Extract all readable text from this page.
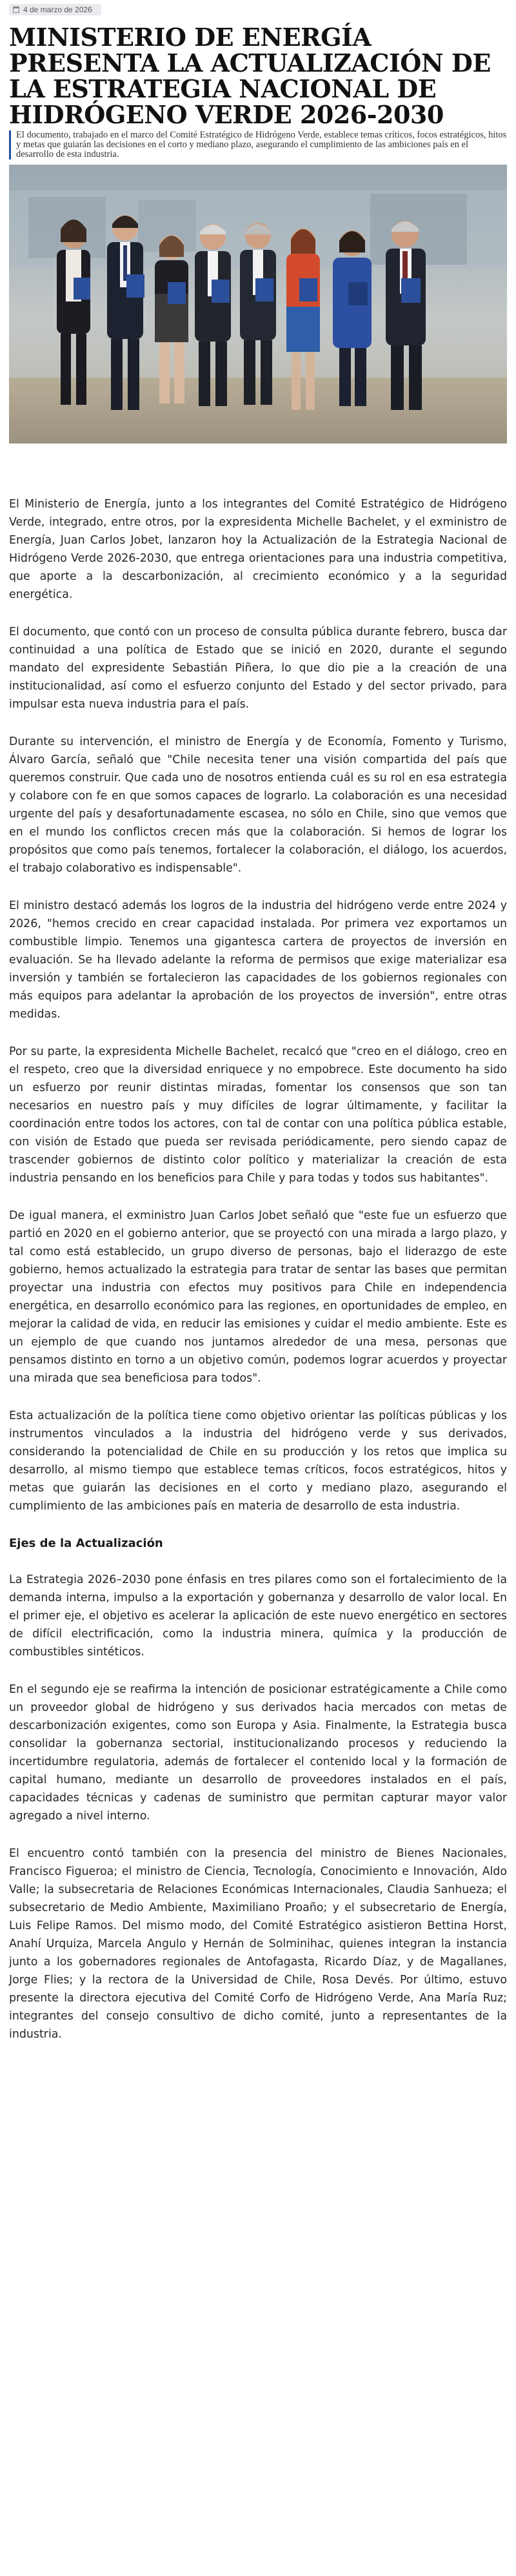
4 de marzo de 2026
MINISTERIO DE ENERGÍA PRESENTA LA ACTUALIZACIÓN DE LA ESTRATEGIA NACIONAL DE HIDRÓGENO VERDE 2026-2030
El documento, trabajado en el marco del Comité Estratégico de Hidrógeno Verde, establece temas críticos, focos estratégicos, hitos y metas que guiarán las decisiones en el corto y mediano plazo, asegurando el cumplimiento de las ambiciones país en el desarrollo de esta industria.

El Ministerio de Energía, junto a los integrantes del Comité Estratégico de Hidrógeno Verde, integrado, entre otros, por la expresidenta Michelle Bachelet, y el exministro de Energía, Juan Carlos Jobet, lanzaron hoy la Actualización de la Estrategia Nacional de Hidrógeno Verde 2026-2030, que entrega orientaciones para una industria competitiva, que aporte a la descarbonización, al crecimiento económico y a la seguridad energética.

El documento, que contó con un proceso de consulta pública durante febrero, busca dar continuidad a una política de Estado que se inició en 2020, durante el segundo mandato del expresidente Sebastián Piñera, lo que dio pie a la creación de una institucionalidad, así como el esfuerzo conjunto del Estado y del sector privado, para impulsar esta nueva industria para el país.

Durante su intervención, el ministro de Energía y de Economía, Fomento y Turismo, Álvaro García, señaló que "Chile necesita tener una visión compartida del país que queremos construir. Que cada uno de nosotros entienda cuál es su rol en esa estrategia y colabore con fe en que somos capaces de lograrlo. La colaboración es una necesidad urgente del país y desafortunadamente escasea, no sólo en Chile, sino que vemos que en el mundo los conflictos crecen más que la colaboración. Si hemos de lograr los propósitos que como país tenemos, fortalecer la colaboración, el diálogo, los acuerdos, el trabajo colaborativo es indispensable".

El ministro destacó además los logros de la industria del hidrógeno verde entre 2024 y 2026, "hemos crecido en crear capacidad instalada. Por primera vez exportamos un combustible limpio. Tenemos una gigantesca cartera de proyectos de inversión en evaluación. Se ha llevado adelante la reforma de permisos que exige materializar esa inversión y también se fortalecieron las capacidades de los gobiernos regionales con más equipos para adelantar la aprobación de los proyectos de inversión", entre otras medidas.

Por su parte, la expresidenta Michelle Bachelet, recalcó que "creo en el diálogo, creo en el respeto, creo que la diversidad enriquece y no empobrece. Este documento ha sido un esfuerzo por reunir distintas miradas, fomentar los consensos que son tan necesarios en nuestro país y muy difíciles de lograr últimamente, y facilitar la coordinación entre todos los actores, con tal de contar con una política pública estable, con visión de Estado que pueda ser revisada periódicamente, pero siendo capaz de trascender gobiernos de distinto color político y materializar la creación de esta industria pensando en los beneficios para Chile y para todas y todos sus habitantes".

De igual manera, el exministro Juan Carlos Jobet señaló que "este fue un esfuerzo que partió en 2020 en el gobierno anterior, que se proyectó con una mirada a largo plazo, y tal como está establecido, un grupo diverso de personas, bajo el liderazgo de este gobierno, hemos actualizado la estrategia para tratar de sentar las bases que permitan proyectar una industria con efectos muy positivos para Chile en independencia energética, en desarrollo económico para las regiones, en oportunidades de empleo, en mejorar la calidad de vida, en reducir las emisiones y cuidar el medio ambiente. Este es un ejemplo de que cuando nos juntamos alrededor de una mesa, personas que pensamos distinto en torno a un objetivo común, podemos lograr acuerdos y proyectar una mirada que sea beneficiosa para todos".

Esta actualización de la política tiene como objetivo orientar las políticas públicas y los instrumentos vinculados a la industria del hidrógeno verde y sus derivados, considerando la potencialidad de Chile en su producción y los retos que implica su desarrollo, al mismo tiempo que establece temas críticos, focos estratégicos, hitos y metas que guiarán las decisiones en el corto y mediano plazo, asegurando el cumplimiento de las ambiciones país en materia de desarrollo de esta industria.

Ejes de la Actualización

La Estrategia 2026–2030 pone énfasis en tres pilares como son el fortalecimiento de la demanda interna, impulso a la exportación y gobernanza y desarrollo de valor local. En el primer eje, el objetivo es acelerar la aplicación de este nuevo energético en sectores de difícil electrificación, como la industria minera, química y la producción de combustibles sintéticos.

En el segundo eje se reafirma la intención de posicionar estratégicamente a Chile como un proveedor global de hidrógeno y sus derivados hacia mercados con metas de descarbonización exigentes, como son Europa y Asia. Finalmente, la Estrategia busca consolidar la gobernanza sectorial, institucionalizando procesos y reduciendo la incertidumbre regulatoria, además de fortalecer el contenido local y la formación de capital humano, mediante un desarrollo de proveedores instalados en el país, capacidades técnicas y cadenas de suministro que permitan capturar mayor valor agregado a nivel interno.

El encuentro contó también con la presencia del ministro de Bienes Nacionales, Francisco Figueroa; el ministro de Ciencia, Tecnología, Conocimiento e Innovación, Aldo Valle; la subsecretaria de Relaciones Económicas Internacionales, Claudia Sanhueza; el subsecretario de Medio Ambiente, Maximiliano Proaño; y el subsecretario de Energía, Luis Felipe Ramos. Del mismo modo, del Comité Estratégico asistieron Bettina Horst, Anahí Urquiza, Marcela Angulo y Hernán de Solminihac, quienes integran la instancia junto a los gobernadores regionales de Antofagasta, Ricardo Díaz, y de Magallanes, Jorge Flies; y la rectora de la Universidad de Chile, Rosa Devés. Por último, estuvo presente la directora ejecutiva del Comité Corfo de Hidrógeno Verde, Ana María Ruz; integrantes del consejo consultivo de dicho comité, junto a representantes de la industria.
